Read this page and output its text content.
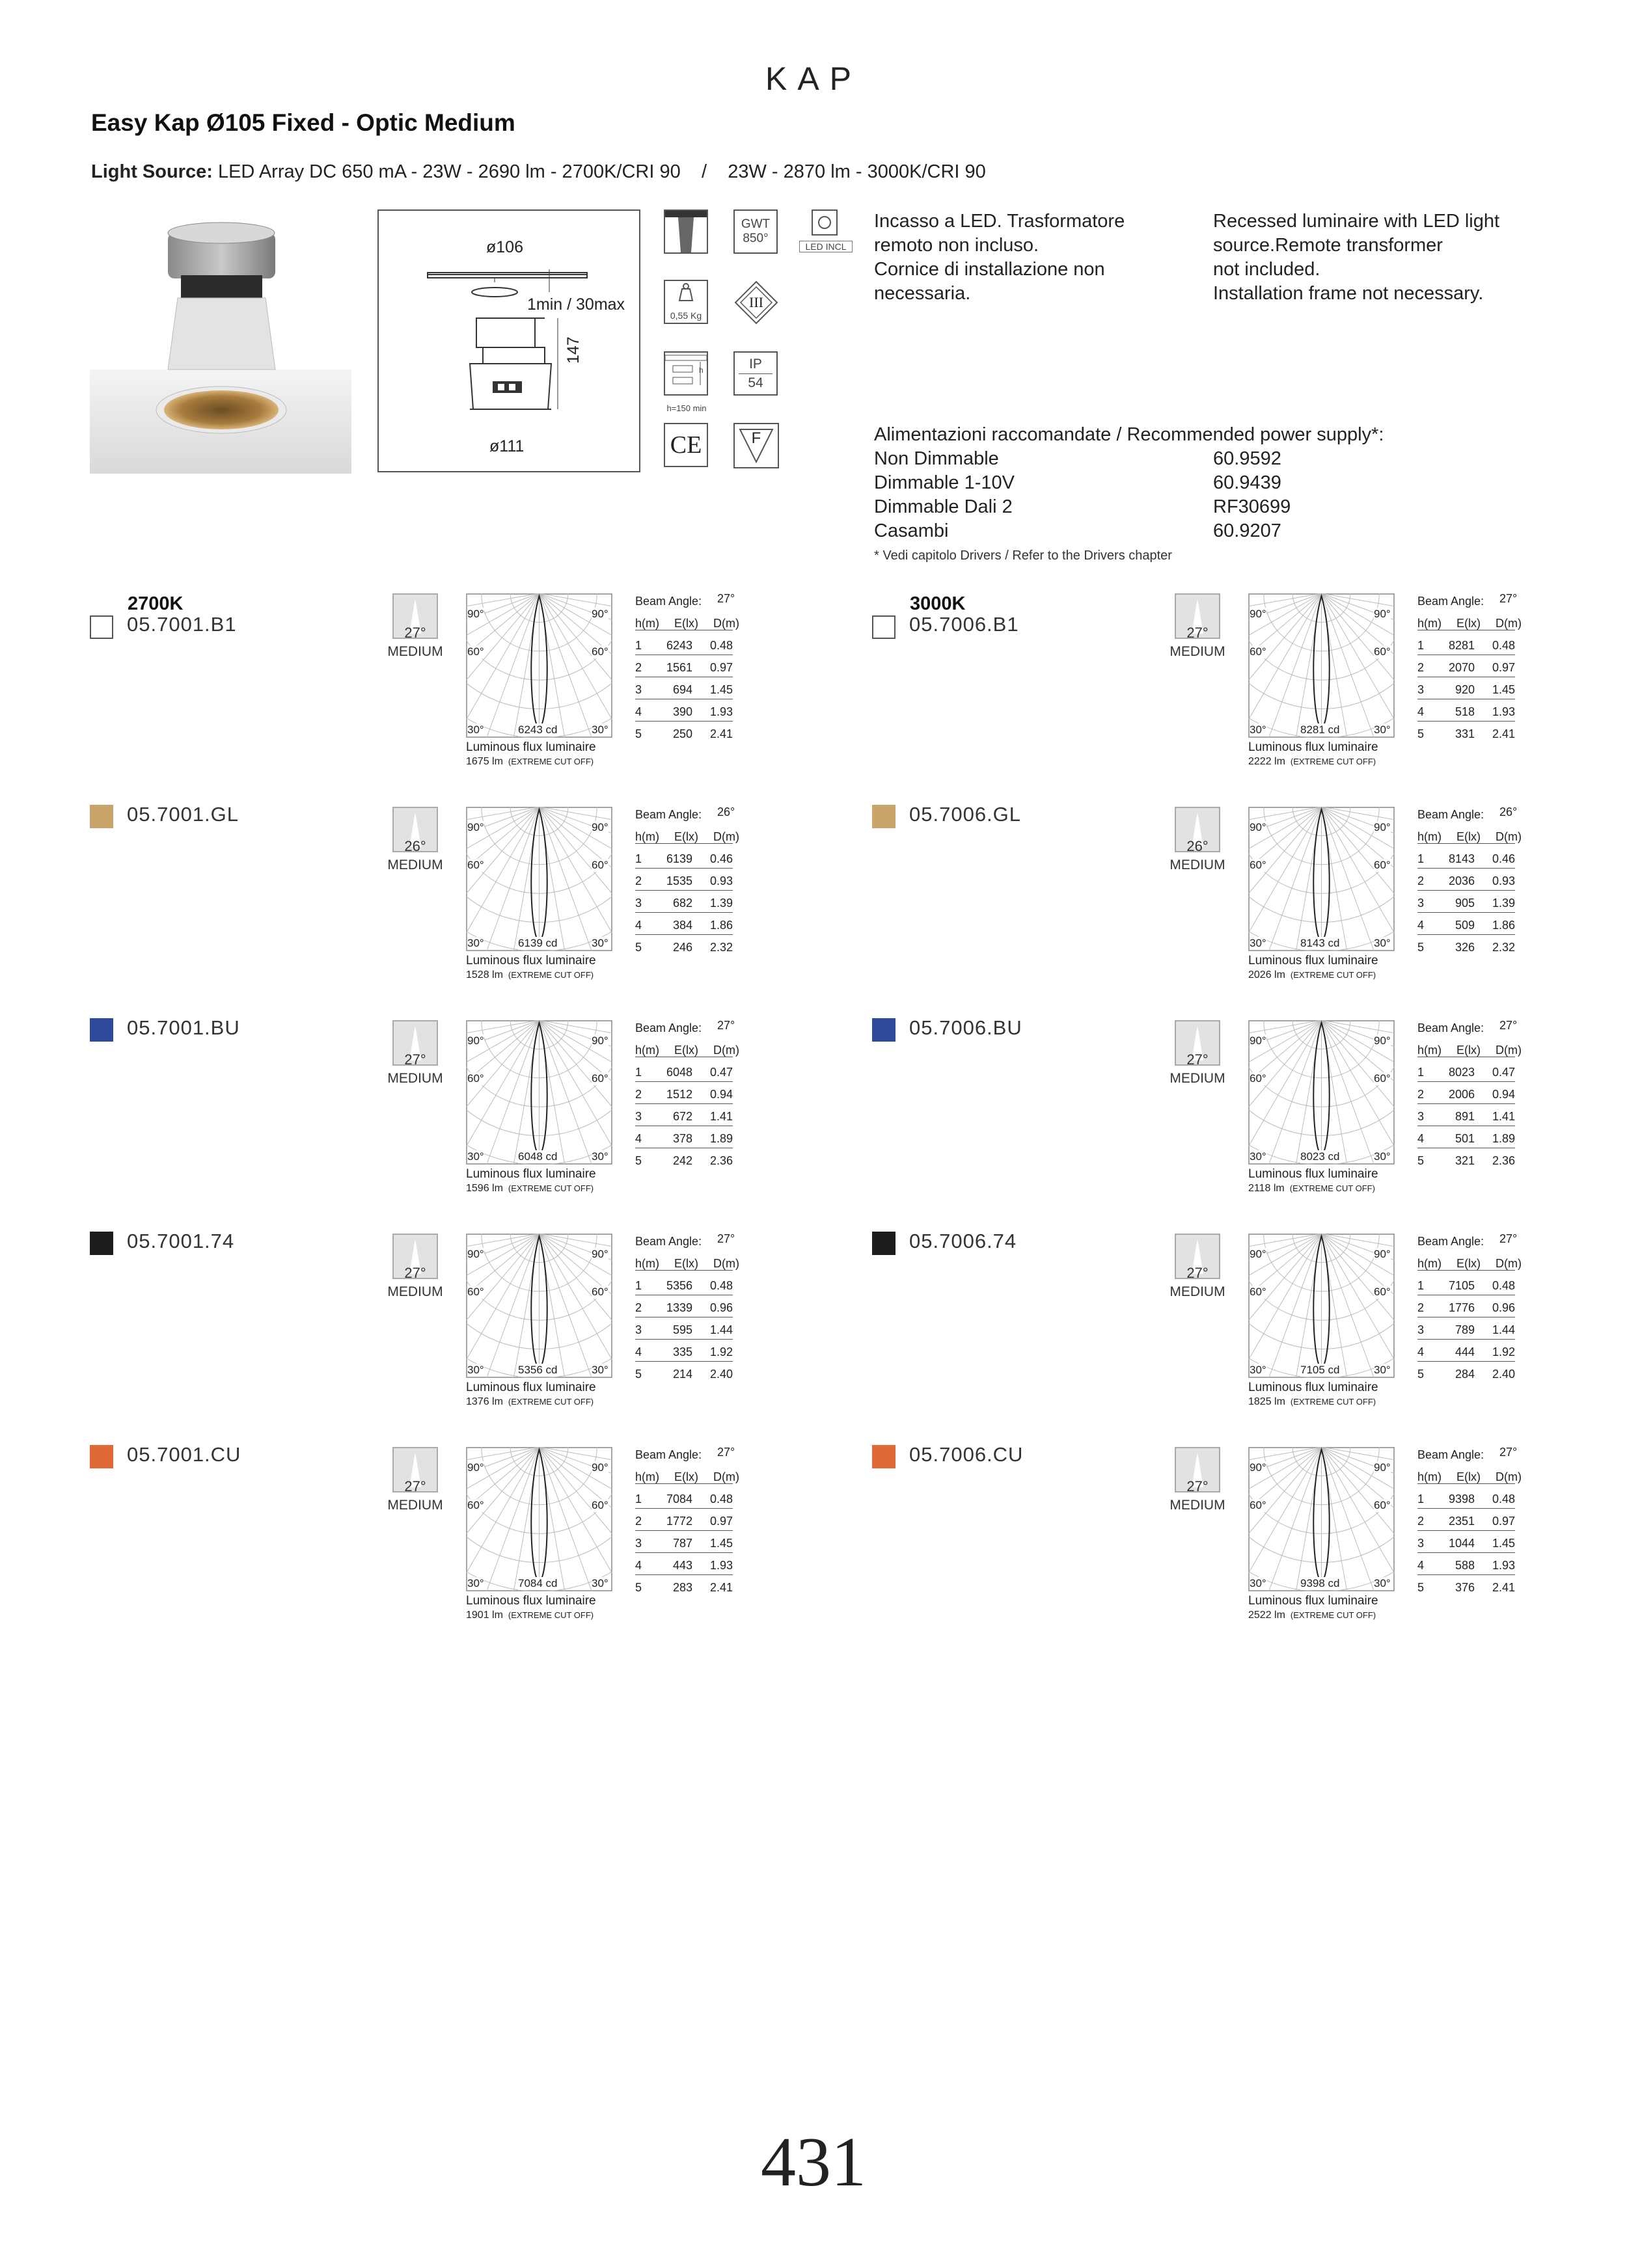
KAP
Easy Kap Ø105 Fixed - Optic Medium
Light Source: LED Array DC 650 mA - 23W - 2690 lm - 2700K/CRI 90    /    23W - 2870 lm - 3000K/CRI 90
ø106
1min / 30max
147
ø111
GWT
850°
LED INCL
0,55 Kg
III
h	IP
54
h=150 min
CE	F
Incasso a LED. Trasformatore
remoto non incluso.
Cornice di installazione non
necessaria.
Recessed luminaire with LED light
source.Remote transformer
not included.
Installation frame not necessary.
Alimentazioni raccomandate / Recommended power supply*:
Non Dimmable	60.9592
Dimmable 1-10V	60.9439
Dimmable Dali 2	RF30699
Casambi	60.9207
* Vedi capitolo Drivers / Refer to the Drivers chapter
2700K
05.7001.B1	27°
MEDIUM
90°	90°
60°	60°
30°	30°
6243 cd
Luminous flux luminaire
1675 lm (EXTREME CUT OFF)
Beam Angle: 27°
h(m) E(lx) D(m)
1	6243	0.48
2	1561	0.97
3	694	1.45
4	390	1.93
5	250	2.41
05.7001.GL
26°
MEDIUM
90°	90°
60°	60°
30°	30°
6139 cd
Luminous flux luminaire
1528 lm (EXTREME CUT OFF)
Beam Angle: 26°
h(m) E(lx) D(m)
1	6139	0.46
2	1535	0.93
3	682	1.39
4	384	1.86
5	246	2.32
05.7001.BU
27°
MEDIUM
90°	90°
60°	60°
30°	30°
6048 cd
Luminous flux luminaire
1596 lm (EXTREME CUT OFF)
Beam Angle: 27°
h(m) E(lx) D(m)
1	6048	0.47
2	1512	0.94
3	672	1.41
4	378	1.89
5	242	2.36
05.7001.74
27°
MEDIUM
90°	90°
60°	60°
30°	30°
5356 cd
Luminous flux luminaire
1376 lm (EXTREME CUT OFF)
Beam Angle: 27°
h(m) E(lx) D(m)
1	5356	0.48
2	1339	0.96
3	595	1.44
4	335	1.92
5	214	2.40
05.7001.CU
27°
MEDIUM
90°	90°
60°	60°
30°	30°
7084 cd
Luminous flux luminaire
1901 lm (EXTREME CUT OFF)
Beam Angle: 27°
h(m) E(lx) D(m)
1	7084	0.48
2	1772	0.97
3	787	1.45
4	443	1.93
5	283	2.41
3000K
05.7006.B1	27°
MEDIUM
90°	90°
60°	60°
30°	30°
8281 cd
Luminous flux luminaire
2222 lm (EXTREME CUT OFF)
Beam Angle: 27°
h(m) E(lx) D(m)
1	8281	0.48
2	2070	0.97
3	920	1.45
4	518	1.93
5	331	2.41
05.7006.GL
26°
MEDIUM
90°	90°
60°	60°
30°	30°
8143 cd
Luminous flux luminaire
2026 lm (EXTREME CUT OFF)
Beam Angle: 26°
h(m) E(lx) D(m)
1	8143	0.46
2	2036	0.93
3	905	1.39
4	509	1.86
5	326	2.32
05.7006.BU
27°
MEDIUM
90°	90°
60°	60°
30°	30°
8023 cd
Luminous flux luminaire
2118 lm (EXTREME CUT OFF)
Beam Angle: 27°
h(m) E(lx) D(m)
1	8023	0.47
2	2006	0.94
3	891	1.41
4	501	1.89
5	321	2.36
05.7006.74
27°
MEDIUM
90°	90°
60°	60°
30°	30°
7105 cd
Luminous flux luminaire
1825 lm (EXTREME CUT OFF)
Beam Angle: 27°
h(m) E(lx) D(m)
1	7105	0.48
2	1776	0.96
3	789	1.44
4	444	1.92
5	284	2.40
05.7006.CU
27°
MEDIUM
90°	90°
60°	60°
30°	30°
9398 cd
Luminous flux luminaire
2522 lm (EXTREME CUT OFF)
Beam Angle: 27°
h(m) E(lx) D(m)
1	9398	0.48
2	2351	0.97
3	1044	1.45
4	588	1.93
5	376	2.41
431
